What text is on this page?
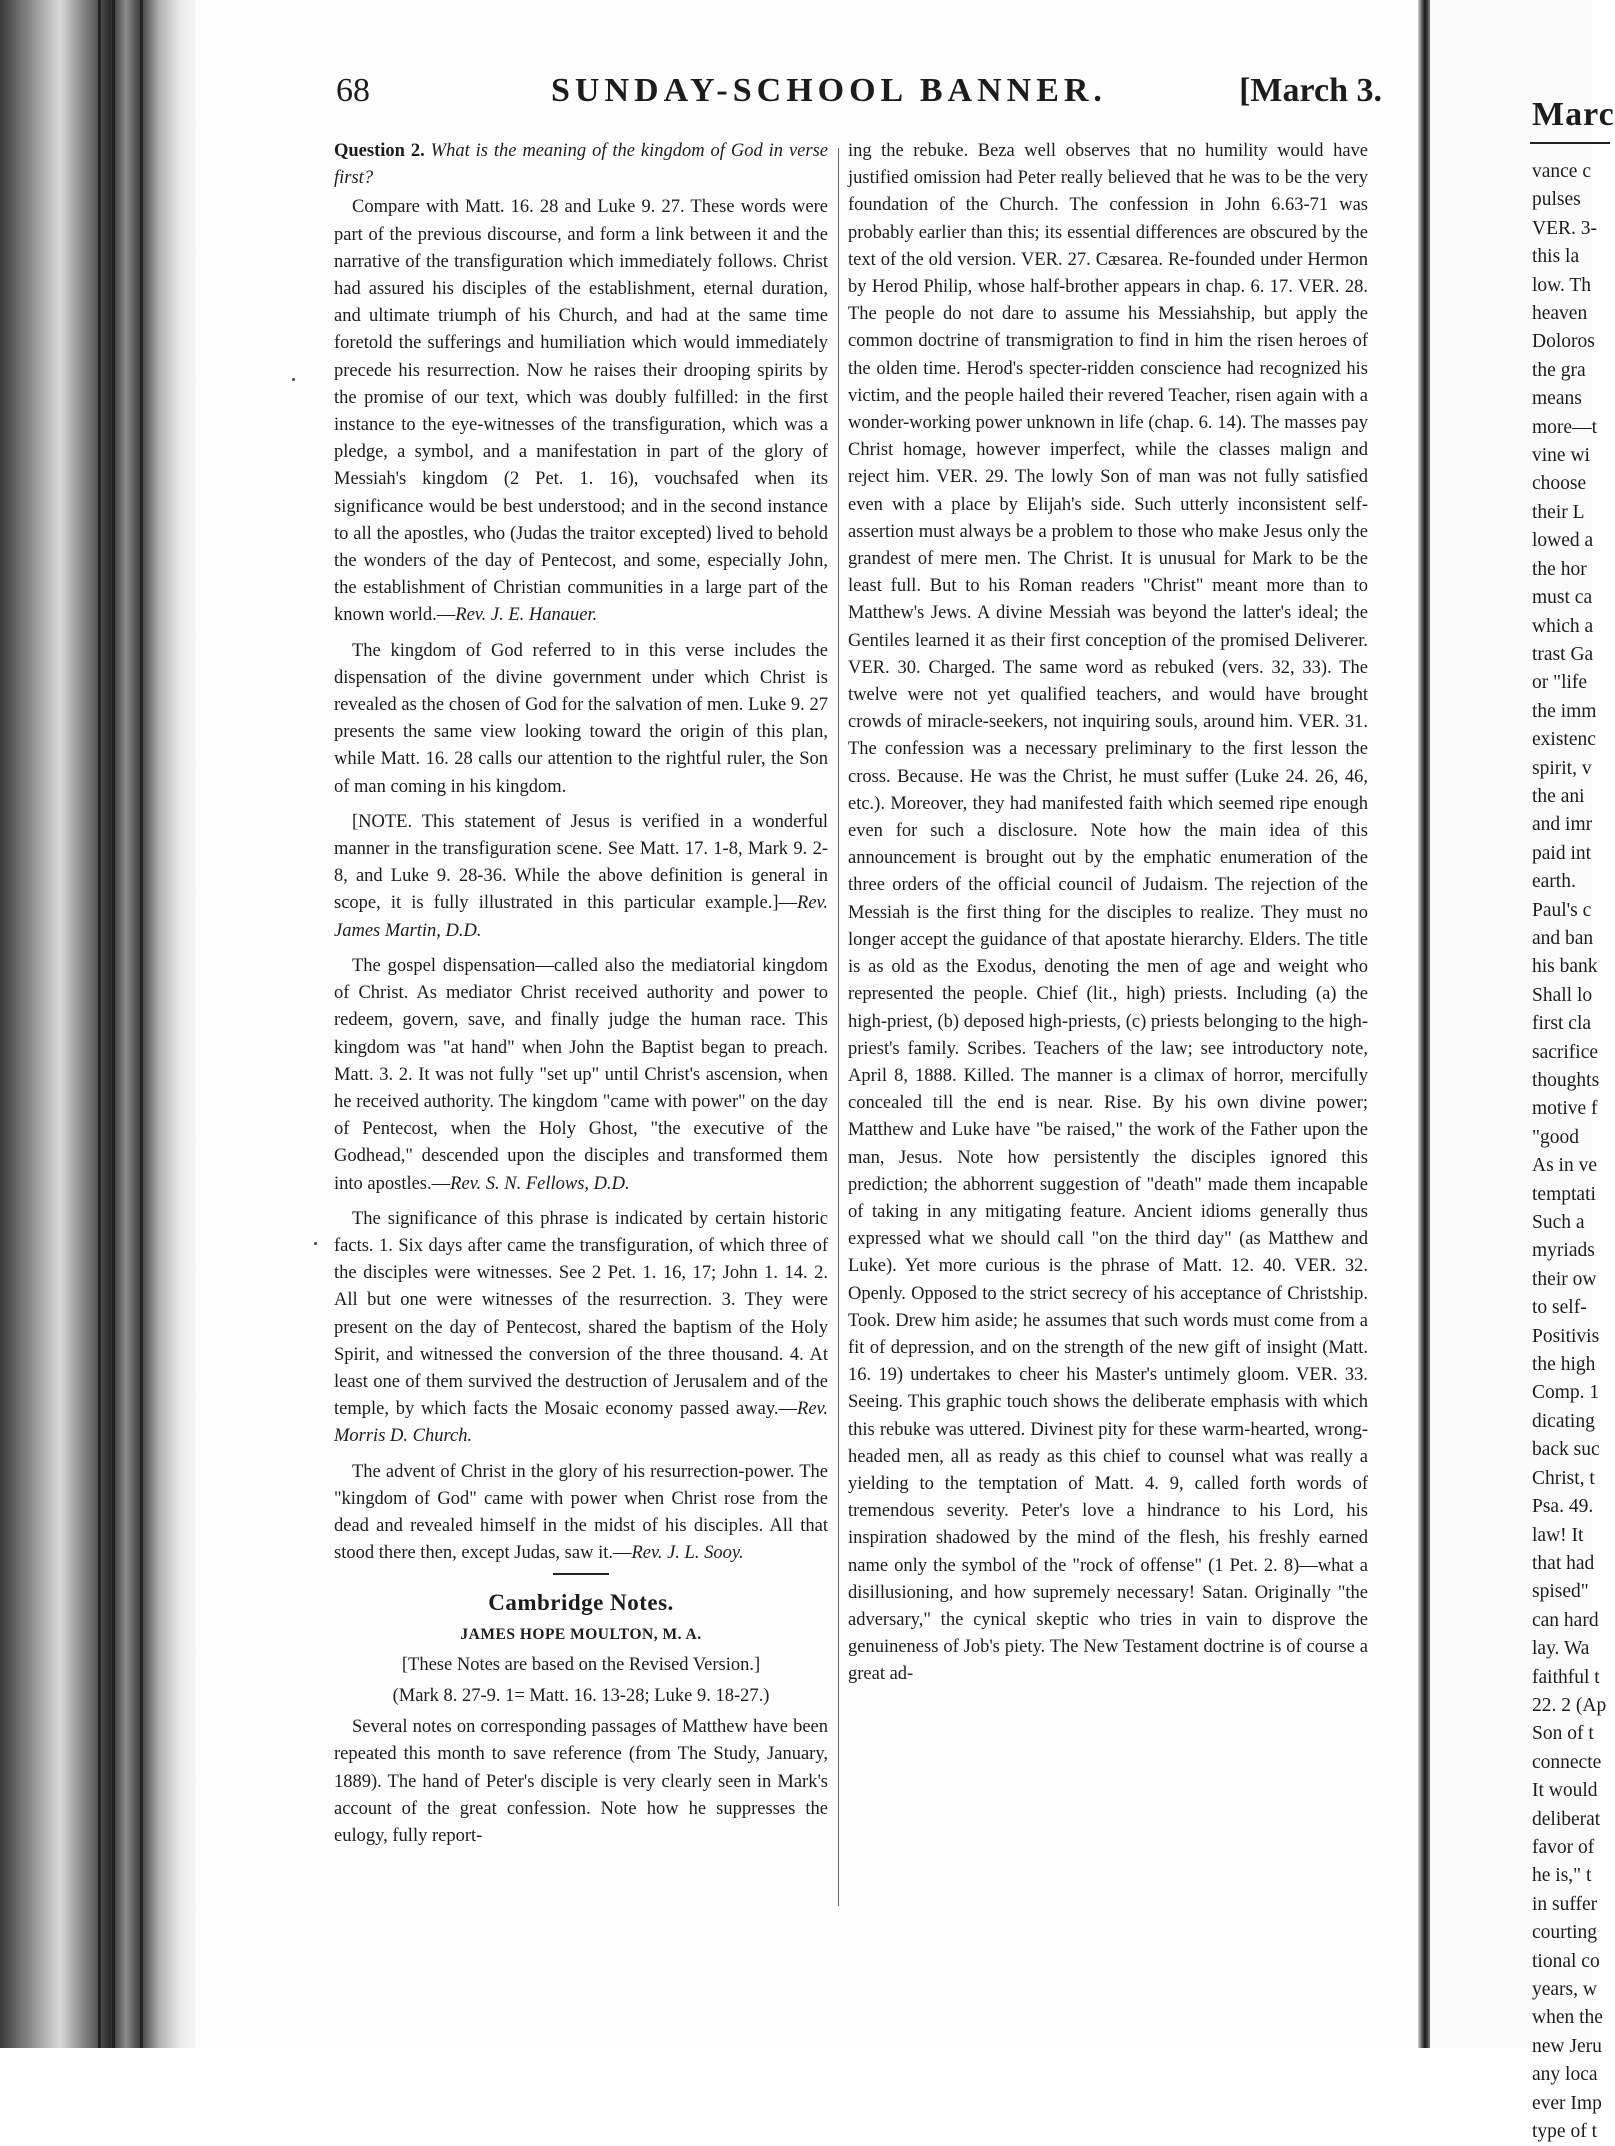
68	SUNDAY-SCHOOL BANNER.	[March 3.

Question 2. What is the meaning of the kingdom of God in verse first?

Compare with Matt. 16. 28 and Luke 9. 27. These words were part of the previous discourse, and form a link between it and the narrative of the transfiguration which immediately follows. Christ had assured his disciples of the establishment, eternal duration, and ultimate triumph of his Church, and had at the same time foretold the sufferings and humiliation which would immediately precede his resurrection. Now he raises their drooping spirits by the promise of our text, which was doubly fulfilled: in the first instance to the eye-witnesses of the transfiguration, which was a pledge, a symbol, and a manifestation in part of the glory of Messiah's kingdom (2 Pet. 1. 16), vouchsafed when its significance would be best understood; and in the second instance to all the apostles, who (Judas the traitor excepted) lived to behold the wonders of the day of Pentecost, and some, especially John, the establishment of Christian communities in a large part of the known world.—Rev. J. E. Hanauer.

The kingdom of God referred to in this verse includes the dispensation of the divine government under which Christ is revealed as the chosen of God for the salvation of men. Luke 9. 27 presents the same view looking toward the origin of this plan, while Matt. 16. 28 calls our attention to the rightful ruler, the Son of man coming in his kingdom.

[NOTE. This statement of Jesus is verified in a wonderful manner in the transfiguration scene. See Matt. 17. 1-8, Mark 9. 2-8, and Luke 9. 28-36. While the above definition is general in scope, it is fully illustrated in this particular example.]—Rev. James Martin, D.D.

The gospel dispensation—called also the mediatorial kingdom of Christ. As mediator Christ received authority and power to redeem, govern, save, and finally judge the human race. This kingdom was "at hand" when John the Baptist began to preach. Matt. 3. 2. It was not fully "set up" until Christ's ascension, when he received authority. The kingdom "came with power" on the day of Pentecost, when the Holy Ghost, "the executive of the Godhead," descended upon the disciples and transformed them into apostles.—Rev. S. N. Fellows, D.D.

The significance of this phrase is indicated by certain historic facts. 1. Six days after came the transfiguration, of which three of the disciples were witnesses. See 2 Pet. 1. 16, 17; John 1. 14. 2. All but one were witnesses of the resurrection. 3. They were present on the day of Pentecost, shared the baptism of the Holy Spirit, and witnessed the conversion of the three thousand. 4. At least one of them survived the destruction of Jerusalem and of the temple, by which facts the Mosaic economy passed away.—Rev. Morris D. Church.

The advent of Christ in the glory of his resurrection-power. The "kingdom of God" came with power when Christ rose from the dead and revealed himself in the midst of his disciples. All that stood there then, except Judas, saw it.—Rev. J. L. Sooy.

Cambridge Notes.
JAMES HOPE MOULTON, M. A.
[These Notes are based on the Revised Version.]
(Mark 8. 27-9. 1= Matt. 16. 13-28; Luke 9. 18-27.)

Several notes on corresponding passages of Matthew have been repeated this month to save reference (from The Study, January, 1889). The hand of Peter's disciple is very clearly seen in Mark's account of the great confession. Note how he suppresses the eulogy, fully report-

ing the rebuke. Beza well observes that no humility would have justified omission had Peter really believed that he was to be the very foundation of the Church. The confession in John 6.63-71 was probably earlier than this; its essential differences are obscured by the text of the old version. VER. 27. Cæsarea. Re-founded under Hermon by Herod Philip, whose half-brother appears in chap. 6. 17. VER. 28. The people do not dare to assume his Messiahship, but apply the common doctrine of transmigration to find in him the risen heroes of the olden time. Herod's specter-ridden conscience had recognized his victim, and the people hailed their revered Teacher, risen again with a wonder-working power unknown in life (chap. 6. 14). The masses pay Christ homage, however imperfect, while the classes malign and reject him. VER. 29. The lowly Son of man was not fully satisfied even with a place by Elijah's side. Such utterly inconsistent self-assertion must always be a problem to those who make Jesus only the grandest of mere men. The Christ. It is unusual for Mark to be the least full. But to his Roman readers "Christ" meant more than to Matthew's Jews. A divine Messiah was beyond the latter's ideal; the Gentiles learned it as their first conception of the promised Deliverer. VER. 30. Charged. The same word as rebuked (vers. 32, 33). The twelve were not yet qualified teachers, and would have brought crowds of miracle-seekers, not inquiring souls, around him. VER. 31. The confession was a necessary preliminary to the first lesson the cross. Because. He was the Christ, he must suffer (Luke 24. 26, 46, etc.). Moreover, they had manifested faith which seemed ripe enough even for such a disclosure. Note how the main idea of this announcement is brought out by the emphatic enumeration of the three orders of the official council of Judaism. The rejection of the Messiah is the first thing for the disciples to realize. They must no longer accept the guidance of that apostate hierarchy. Elders. The title is as old as the Exodus, denoting the men of age and weight who represented the people. Chief (lit., high) priests. Including (a) the high-priest, (b) deposed high-priests, (c) priests belonging to the high-priest's family. Scribes. Teachers of the law; see introductory note, April 8, 1888. Killed. The manner is a climax of horror, mercifully concealed till the end is near. Rise. By his own divine power; Matthew and Luke have "be raised," the work of the Father upon the man, Jesus. Note how persistently the disciples ignored this prediction; the abhorrent suggestion of "death" made them incapable of taking in any mitigating feature. Ancient idioms generally thus expressed what we should call "on the third day" (as Matthew and Luke). Yet more curious is the phrase of Matt. 12. 40. VER. 32. Openly. Opposed to the strict secrecy of his acceptance of Christship. Took. Drew him aside; he assumes that such words must come from a fit of depression, and on the strength of the new gift of insight (Matt. 16. 19) undertakes to cheer his Master's untimely gloom. VER. 33. Seeing. This graphic touch shows the deliberate emphasis with which this rebuke was uttered. Divinest pity for these warm-hearted, wrong-headed men, all as ready as this chief to counsel what was really a yielding to the temptation of Matt. 4. 9, called forth words of tremendous severity. Peter's love a hindrance to his Lord, his inspiration shadowed by the mind of the flesh, his freshly earned name only the symbol of the "rock of offense" (1 Pet. 2. 8)—what a disillusioning, and how supremely necessary! Satan. Originally "the adversary," the cynical skeptic who tries in vain to disprove the genuineness of Job's piety. The New Testament doctrine is of course a great ad-

Marc
vance c
pulses
VER. 3-
this la
low. Th
heaven
Doloros
the gra
means
more—t
vine wi
choose
their L
lowed a
the hor
must ca
which a
trast Ga
or "life
the imm
existenc
spirit, v
the ani
and imr
paid int
earth.
Paul's c
and ban
his bank
Shall lo
first cla
sacrifice
thoughts
motive f
"good
As in ve
temptati
Such a
myriads
their ow
to self-
Positivis
the high
Comp. 1
dicating
back suc
Christ, t
Psa. 49.
law! It
that had
spised"
can hard
lay. Wa
faithful t
22. 2 (Ap
Son of t
connecte
It would
deliberat
favor of
he is," t
in suffer
courting
tional co
years, w
when the
new Jeru
any loca
ever Imp
type of t
